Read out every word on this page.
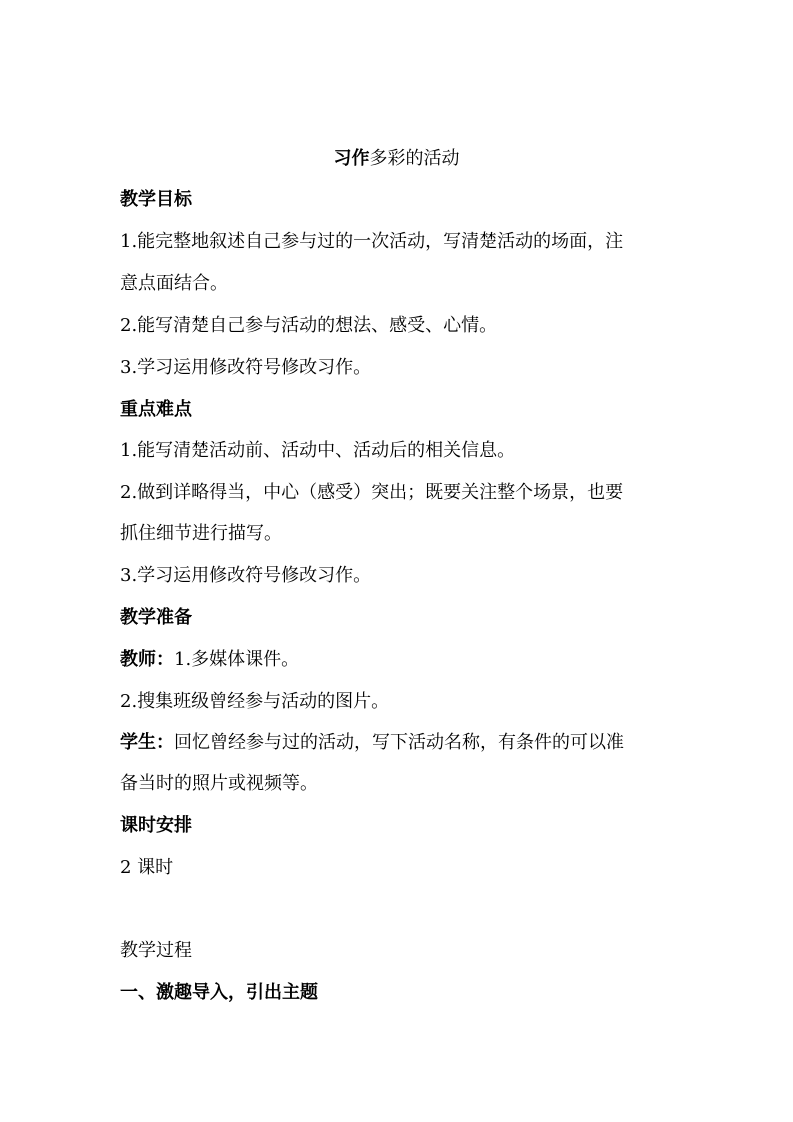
习作多彩的活动
教学目标
1.能完整地叙述自己参与过的一次活动，写清楚活动的场面，注
意点面结合。
2.能写清楚自己参与活动的想法、感受、心情。
3.学习运用修改符号修改习作。
重点难点
1.能写清楚活动前、活动中、活动后的相关信息。
2.做到详略得当，中心（感受）突出；既要关注整个场景，也要
抓住细节进行描写。
3.学习运用修改符号修改习作。
教学准备
教师：1.多媒体课件。
2.搜集班级曾经参与活动的图片。
学生：回忆曾经参与过的活动，写下活动名称，有条件的可以准
备当时的照片或视频等。
课时安排
2 课时
教学过程
一、激趣导入，引出主题
